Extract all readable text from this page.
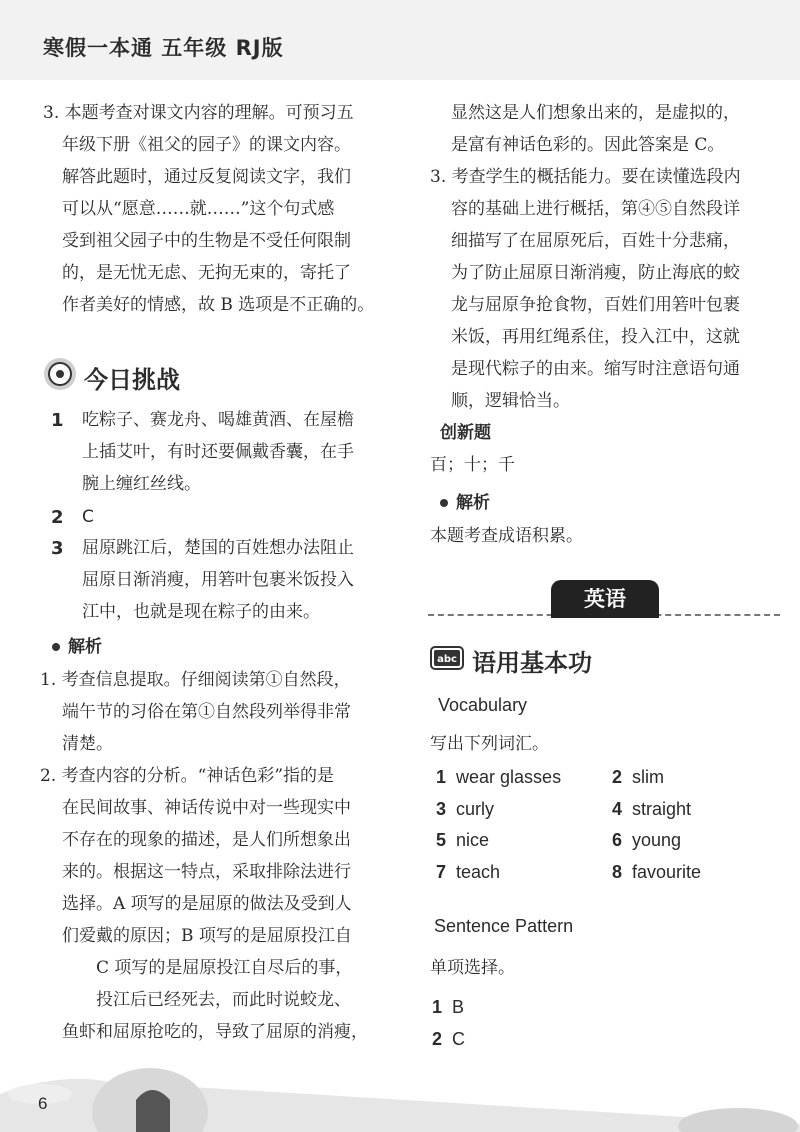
寒假一本通 五年级 RJ版
3. 本题考查对课文内容的理解。可预习五
年级下册《祖父的园子》的课文内容。
解答此题时，通过反复阅读文字，我们
可以从“愿意……就……”这个句式感
受到祖父园子中的生物是不受任何限制
的，是无忧无虑、无拘无束的，寄托了
作者美好的情感，故 B 选项是不正确的。
今日挑战
1 吃粽子、赛龙舟、喝雄黄酒、在屋檐
上插艾叶，有时还要佩戴香囊，在手
腕上缠红丝线。
2 C
3 屈原跳江后，楚国的百姓想办法阻止
屈原日渐消瘦，用箬叶包裹米饭投入
江中，也就是现在粽子的由来。
解析
1. 考查信息提取。仔细阅读第①自然段，
端午节的习俗在第①自然段列举得非常
清楚。
2. 考查内容的分析。“神话色彩”指的是
在民间故事、神话传说中对一些现实中
不存在的现象的描述，是人们所想象出
来的。根据这一特点，采取排除法进行
选择。A 项写的是屈原的做法及受到人
们爱戴的原因；B 项写的是屈原投江自
C 项写的是屈原投江自尽后的事，
投江后已经死去，而此时说蛟龙、
鱼虾和屈原抢吃的，导致了屈原的消瘦，
显然这是人们想象出来的，是虚拟的，
是富有神话色彩的。因此答案是 C。
3. 考查学生的概括能力。要在读懂选段内
容的基础上进行概括，第④⑤自然段详
细描写了在屈原死后，百姓十分悲痛，
为了防止屈原日渐消瘦，防止海底的蛟
龙与屈原争抢食物，百姓们用箬叶包裹
米饭，再用红绳系住，投入江中，这就
是现代粽子的由来。缩写时注意语句通
顺，逻辑恰当。
创新题
百；十；千
解析
本题考查成语积累。
英语
abc 语用基本功
Vocabulary
写出下列词汇。
1 wear glasses	2 slim
3 curly	4 straight
5 nice	6 young
7 teach	8 favourite
Sentence Pattern
单项选择。
1 B
2 C
6
